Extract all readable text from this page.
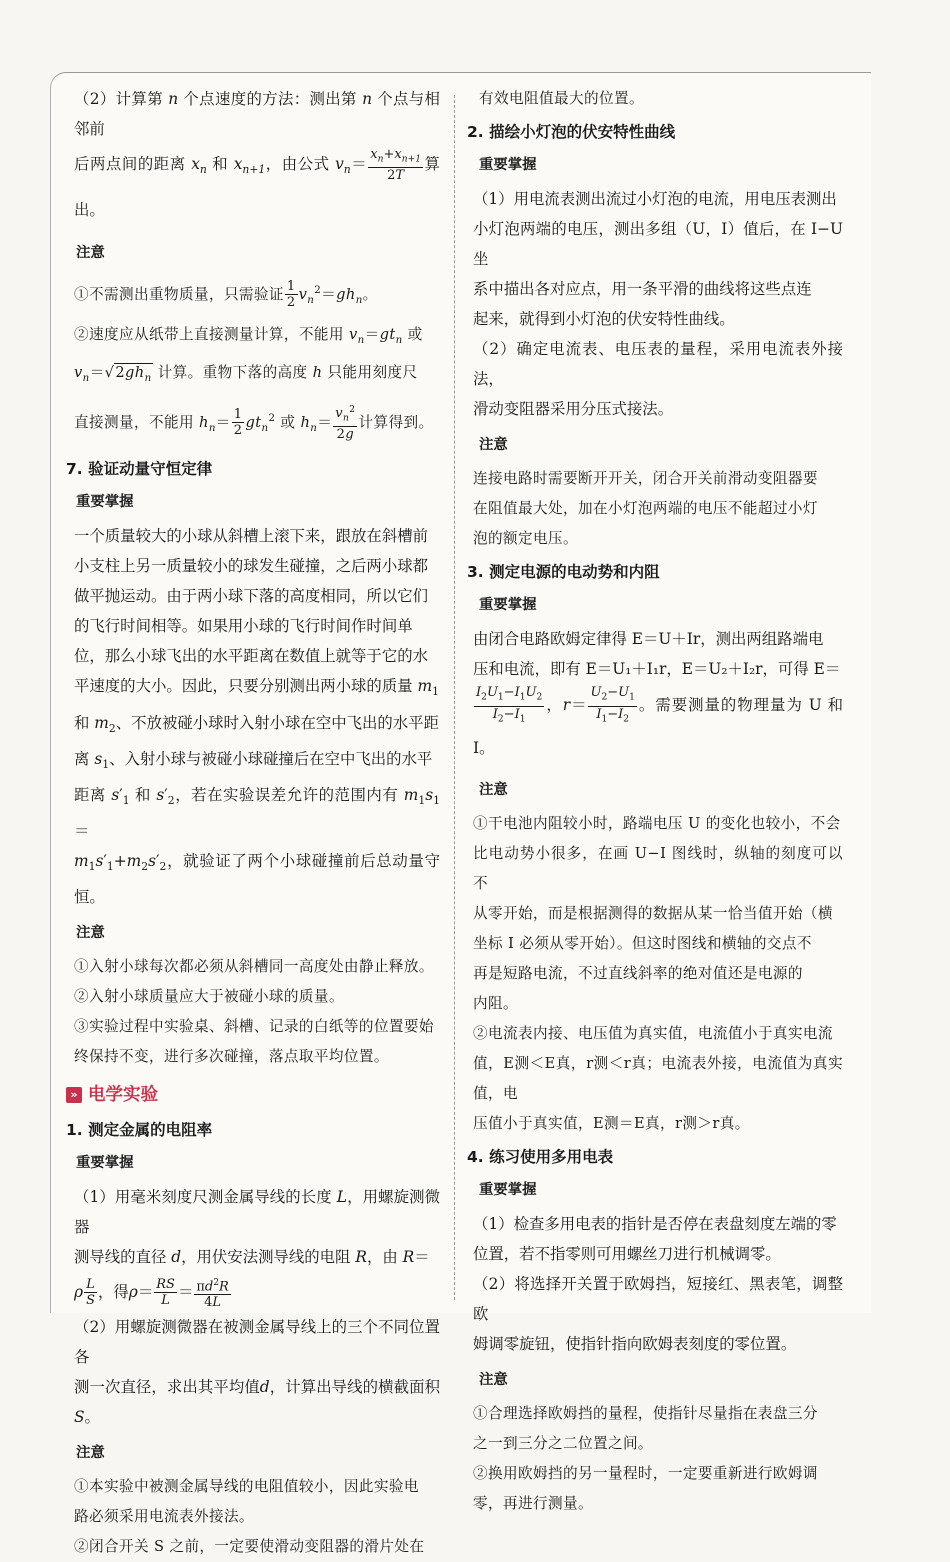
（2）计算第 n 个点速度的方法：测出第 n 个点与相邻前

后两点间的距离 $x_n$ 和 $x_{n+1}$，由公式 $v_n= \frac{x_n+x_{n+1}}{2T}$ 算出。

注意

①不需测出重物质量，只需验证 $\frac{1}{2} v_n^2=gh_n$。

②速度应从纸带上直接测量计算，不能用 $v_n=gt_n$ 或

$v_n=√2gh_n$ 计算。重物下落的高度 h 只能用刻度尺

直接测量，不能用 $h_n= \frac{1}{2} gt_n^2$ 或 $h_n= \frac{v_n^2}{2g}$ 计算得到。

7. 验证动量守恒定律

重要掌握

一个质量较大的小球从斜槽上滚下来，跟放在斜槽前

小支柱上另一质量较小的球发生碰撞，之后两小球都

做平抛运动。由于两小球下落的高度相同，所以它们

的飞行时间相等。如果用小球的飞行时间作时间单

位，那么小球飞出的水平距离在数值上就等于它的水

平速度的大小。因此，只要分别测出两小球的质量 $m_1$

和 $m_2$、不放被碰小球时入射小球在空中飞出的水平距

离 $s_1$、入射小球与被碰小球碰撞后在空中飞出的水平

距离 $s'_1$ 和 $s'_2$，若在实验误差允许的范围内有 $m_1s_1=$

$m_1s'_1+m_2s'_2$，就验证了两个小球碰撞前后总动量守恒。

注意

①入射小球每次都必须从斜槽同一高度处由静止释放。

②入射小球质量应大于被碰小球的质量。

③实验过程中实验桌、斜槽、记录的白纸等的位置要始

终保持不变，进行多次碰撞，落点取平均位置。

» 电学实验

1. 测定金属的电阻率

重要掌握

（1）用毫米刻度尺测金属导线的长度 L，用螺旋测微器

测导线的直径 d，用伏安法测导线的电阻 R，由 R＝

ρ $\frac{L}{S}$ ，得$\rho= \frac{RS}{L} = \frac{\pi d^2R}{4L}$

（2）用螺旋测微器在被测金属导线上的三个不同位置各

测一次直径，求出其平均值d，计算出导线的横截面积S。

注意

①本实验中被测金属导线的电阻值较小，因此实验电

路必须采用电流表外接法。

②闭合开关 S 之前，一定要使滑动变阻器的滑片处在

有效电阻值最大的位置。

2. 描绘小灯泡的伏安特性曲线

重要掌握

（1）用电流表测出流过小灯泡的电流，用电压表测出

小灯泡两端的电压，测出多组（U，I）值后，在 I−U 坐

系中描出各对应点，用一条平滑的曲线将这些点连

起来，就得到小灯泡的伏安特性曲线。

（2）确定电流表、电压表的量程，采用电流表外接法，

滑动变阻器采用分压式接法。

注意

连接电路时需要断开开关，闭合开关前滑动变阻器要

在阻值最大处，加在小灯泡两端的电压不能超过小灯

泡的额定电压。

3. 测定电源的电动势和内阻

重要掌握

由闭合电路欧姆定律得 E＝U＋Ir，测出两组路端电

压和电流，即有 E＝U₁＋I₁r，E＝U₂＋I₂r，可得 E＝

$\frac{I_2U_1-I_1U_2}{I_2-I_1}$ ，$r= \frac{U_2-U_1}{I_1-I_2}$ 。需要测量的物理量为 U 和 I。

注意

①干电池内阻较小时，路端电压 U 的变化也较小，不会

比电动势小很多，在画 U−I 图线时，纵轴的刻度可以不

从零开始，而是根据测得的数据从某一恰当值开始（横

坐标 I 必须从零开始）。但这时图线和横轴的交点不

再是短路电流，不过直线斜率的绝对值还是电源的

内阻。

②电流表内接、电压值为真实值，电流值小于真实电流

值，E测＜E真，r测＜r真；电流表外接，电流值为真实值，电

压值小于真实值，E测＝E真，r测＞r真。

4. 练习使用多用电表

重要掌握

（1）检查多用电表的指针是否停在表盘刻度左端的零

位置，若不指零则可用螺丝刀进行机械调零。

（2）将选择开关置于欧姆挡，短接红、黑表笔，调整欧

姆调零旋钮，使指针指向欧姆表刻度的零位置。

注意

①合理选择欧姆挡的量程，使指针尽量指在表盘三分

之一到三分之二位置之间。

②换用欧姆挡的另一量程时，一定要重新进行欧姆调

零，再进行测量。
